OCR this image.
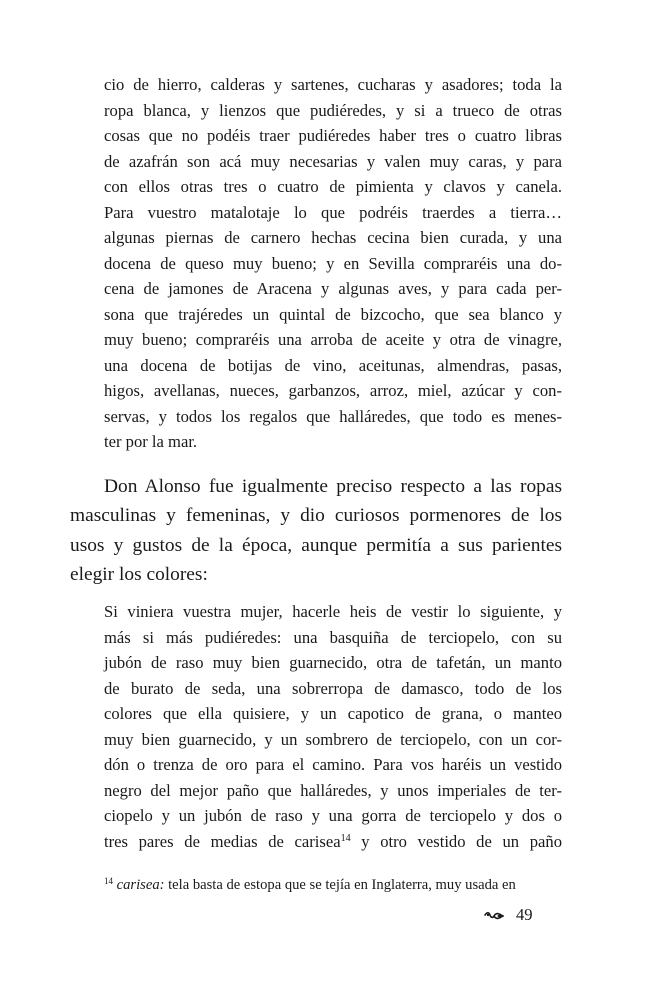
cio de hierro, calderas y sartenes, cucharas y asadores; toda la
ropa blanca, y lienzos que pudiéredes, y si a trueco de otras
cosas que no podéis traer pudiéredes haber tres o cuatro libras
de azafrán son acá muy necesarias y valen muy caras, y para
con ellos otras tres o cuatro de pimienta y clavos y canela.
Para vuestro matalotaje lo que podréis traerdes a tierra…
algunas piernas de carnero hechas cecina bien curada, y una
docena de queso muy bueno; y en Sevilla compraréis una do-
cena de jamones de Aracena y algunas aves, y para cada per-
sona que trajéredes un quintal de bizcocho, que sea blanco y
muy bueno; compraréis una arroba de aceite y otra de vinagre,
una docena de botijas de vino, aceitunas, almendras, pasas,
higos, avellanas, nueces, garbanzos, arroz, miel, azúcar y con-
servas, y todos los regalos que halláredes, que todo es menes-
ter por la mar.
Don Alonso fue igualmente preciso respecto a las ropas
masculinas y femeninas, y dio curiosos pormenores de los
usos y gustos de la época, aunque permitía a sus parientes
elegir los colores:
Si viniera vuestra mujer, hacerle heis de vestir lo siguiente, y
más si más pudiéredes: una basquiña de terciopelo, con su
jubón de raso muy bien guarnecido, otra de tafetán, un manto
de burato de seda, una sobrerropa de damasco, todo de los
colores que ella quisiere, y un capotico de grana, o manteo
muy bien guarnecido, y un sombrero de terciopelo, con un cor-
dón o trenza de oro para el camino. Para vos haréis un vestido
negro del mejor paño que halláredes, y unos imperiales de ter-
ciopelo y un jubón de raso y una gorra de terciopelo y dos o
tres pares de medias de carisea$^{14}$ y otro vestido de un paño
$^{14}$ carisea: tela basta de estopa que se tejía en Inglaterra, muy usada en
49
